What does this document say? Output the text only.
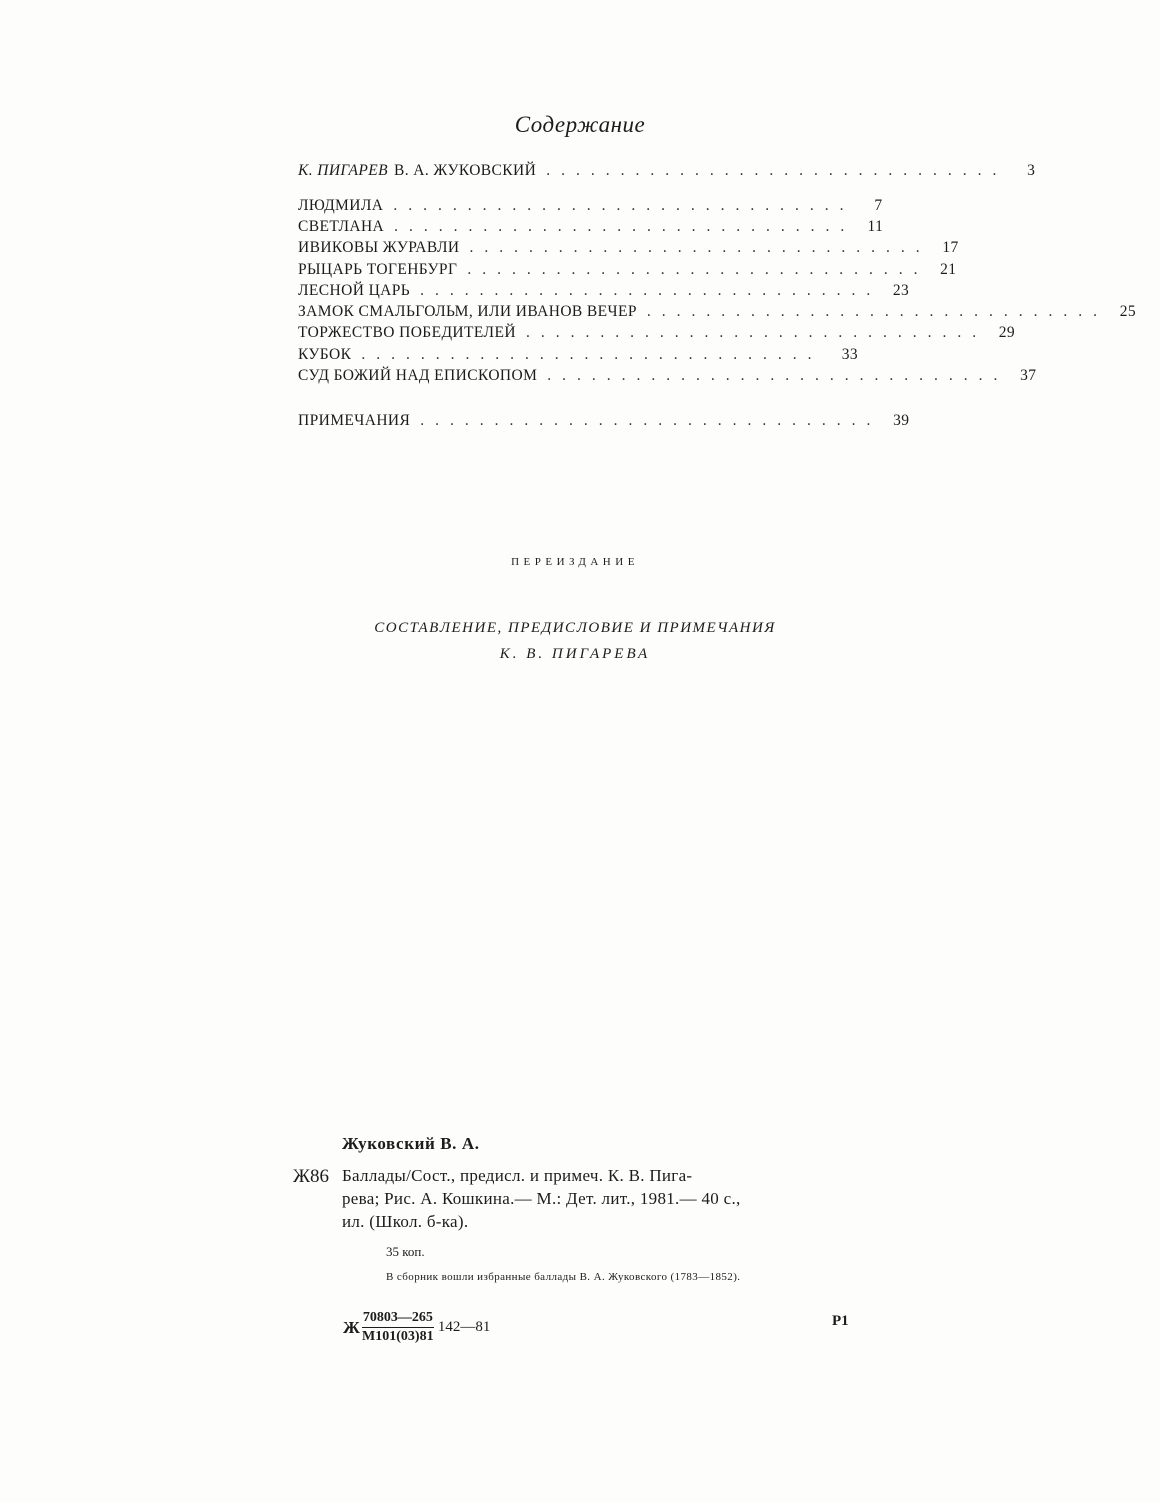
Содержание
К. ПИГАРЕВ В. А. ЖУКОВСКИЙ ...............................	3
ЛЮДМИЛА ...............................	7
СВЕТЛАНА ............................... 11
ИВИКОВЫ ЖУРАВЛИ ............................... 17
РЫЦАРЬ ТОГЕНБУРГ ............................... 21
ЛЕСНОЙ ЦАРЬ ............................... 23
ЗАМОК СМАЛЬГОЛЬМ, ИЛИ ИВАНОВ ВЕЧЕР ............................... 25
ТОРЖЕСТВО ПОБЕДИТЕЛЕЙ ............................... 29
КУБОК ...............................	33
СУД БОЖИЙ НАД ЕПИСКОПОМ ............................... 37
ПРИМЕЧАНИЯ ............................... 39
ПЕРЕИЗДАНИЕ
СОСТАВЛЕНИЕ, ПРЕДИСЛОВИЕ И ПРИМЕЧАНИЯ
К. В. ПИГАРЕВА
Жуковский В. А.
Ж86 Баллады/Сост., предисл. и примеч. К. В. Пига-
рева; Рис. А. Кошкина.— М.: Дет. лит., 1981.— 40 с.,
ил. (Школ. б-ка).
35 коп.
В сборник вошли избранные баллады В. А. Жуковского (1783—1852).
Ж $\frac{70803—265}{М101(03)81}$ 142—81	Р1
